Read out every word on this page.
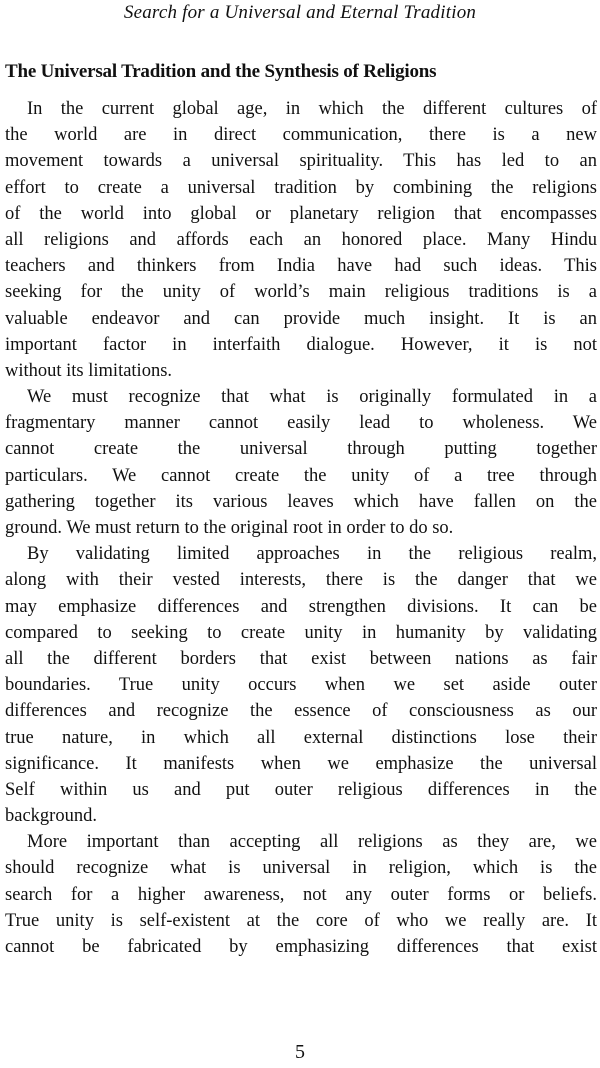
Search for a Universal and Eternal Tradition
The Universal Tradition and the Synthesis of Religions
In the current global age, in which the different cultures of
the world are in direct communication, there is a new
movement towards a universal spirituality. This has led to an
effort to create a universal tradition by combining the religions
of the world into global or planetary religion that encompasses
all religions and affords each an honored place. Many Hindu
teachers and thinkers from India have had such ideas. This
seeking for the unity of world’s main religious traditions is a
valuable endeavor and can provide much insight. It is an
important factor in interfaith dialogue. However, it is not
without its limitations.
We must recognize that what is originally formulated in a
fragmentary manner cannot easily lead to wholeness. We
cannot create the universal through putting together
particulars. We cannot create the unity of a tree through
gathering together its various leaves which have fallen on the
ground. We must return to the original root in order to do so.
By validating limited approaches in the religious realm,
along with their vested interests, there is the danger that we
may emphasize differences and strengthen divisions. It can be
compared to seeking to create unity in humanity by validating
all the different borders that exist between nations as fair
boundaries. True unity occurs when we set aside outer
differences and recognize the essence of consciousness as our
true nature, in which all external distinctions lose their
significance. It manifests when we emphasize the universal
Self within us and put outer religious differences in the
background.
More important than accepting all religions as they are, we
should recognize what is universal in religion, which is the
search for a higher awareness, not any outer forms or beliefs.
True unity is self-existent at the core of who we really are. It
cannot be fabricated by emphasizing differences that exist
5
